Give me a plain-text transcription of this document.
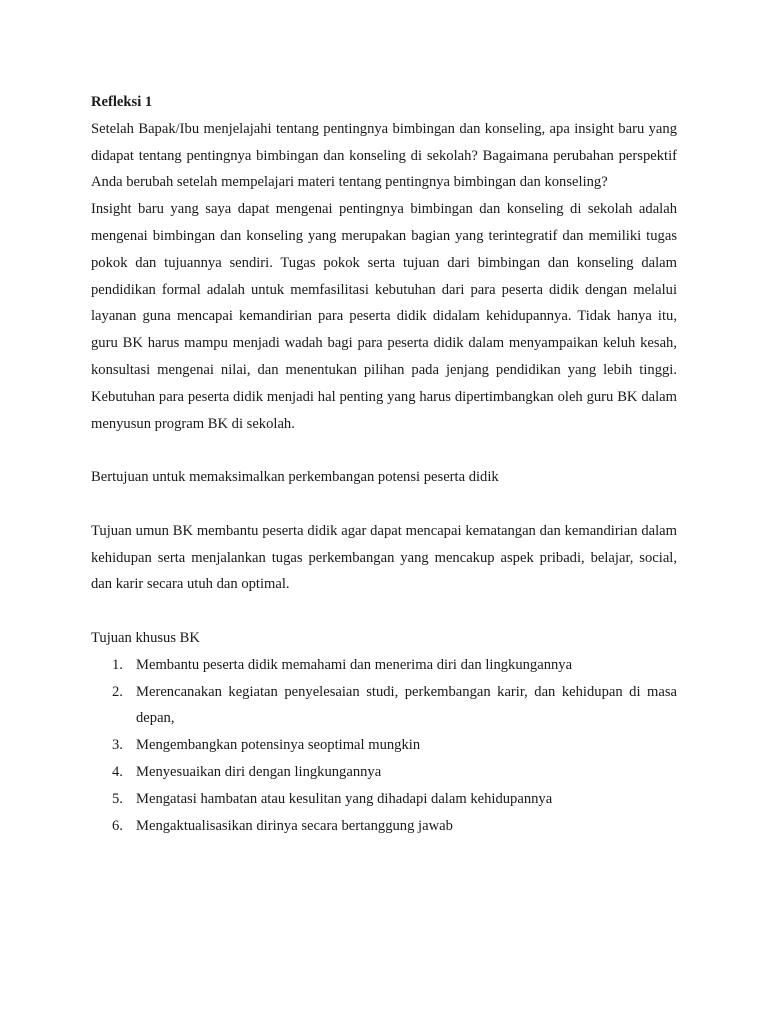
Refleksi 1

Setelah Bapak/Ibu menjelajahi tentang pentingnya bimbingan dan konseling, apa insight baru yang didapat tentang pentingnya bimbingan dan konseling di sekolah? Bagaimana perubahan perspektif Anda berubah setelah mempelajari materi tentang pentingnya bimbingan dan konseling?

Insight baru yang saya dapat mengenai pentingnya bimbingan dan konseling di sekolah adalah mengenai bimbingan dan konseling yang merupakan bagian yang terintegratif dan memiliki tugas pokok dan tujuannya sendiri. Tugas pokok serta tujuan dari bimbingan dan konseling dalam pendidikan formal adalah untuk memfasilitasi kebutuhan dari para peserta didik dengan melalui layanan guna mencapai kemandirian para peserta didik didalam kehidupannya. Tidak hanya itu, guru BK harus mampu menjadi wadah bagi para peserta didik dalam menyampaikan keluh kesah, konsultasi mengenai nilai, dan menentukan pilihan pada jenjang pendidikan yang lebih tinggi. Kebutuhan para peserta didik menjadi hal penting yang harus dipertimbangkan oleh guru BK dalam menyusun program BK di sekolah.

Bertujuan untuk memaksimalkan perkembangan potensi peserta didik

Tujuan umun BK membantu peserta didik agar dapat mencapai kematangan dan kemandirian dalam kehidupan serta menjalankan tugas perkembangan yang mencakup aspek pribadi, belajar, social, dan karir secara utuh dan optimal.

Tujuan khusus BK

1. Membantu peserta didik memahami dan menerima diri dan lingkungannya
2. Merencanakan kegiatan penyelesaian studi, perkembangan karir, dan kehidupan di masa depan,
3. Mengembangkan potensinya seoptimal mungkin
4. Menyesuaikan diri dengan lingkungannya
5. Mengatasi hambatan atau kesulitan yang dihadapi dalam kehidupannya
6. Mengaktualisasikan dirinya secara bertanggung jawab
